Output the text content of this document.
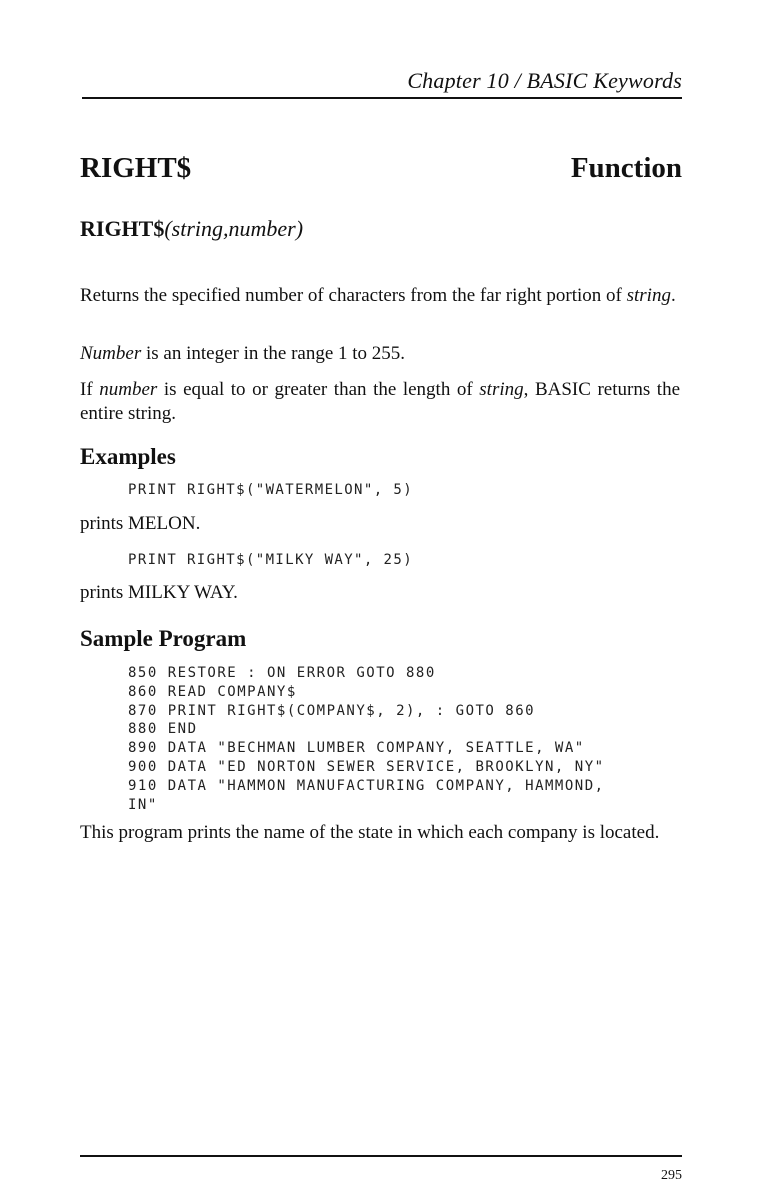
Chapter 10 / BASIC Keywords
RIGHT$	Function
RIGHT$(string,number)
Returns the specified number of characters from the far right portion of string.
Number is an integer in the range 1 to 255.
If number is equal to or greater than the length of string, BASIC returns the entire string.
Examples
PRINT RIGHT$("WATERMELON", 5)
prints MELON.
PRINT RIGHT$("MILKY WAY", 25)
prints MILKY WAY.
Sample Program
850 RESTORE : ON ERROR GOTO 880
860 READ COMPANY$
870 PRINT RIGHT$(COMPANY$, 2), : GOTO 860
880 END
890 DATA "BECHMAN LUMBER COMPANY, SEATTLE, WA"
900 DATA "ED NORTON SEWER SERVICE, BROOKLYN, NY"
910 DATA "HAMMON MANUFACTURING COMPANY, HAMMOND,
IN"
This program prints the name of the state in which each company is located.
295
